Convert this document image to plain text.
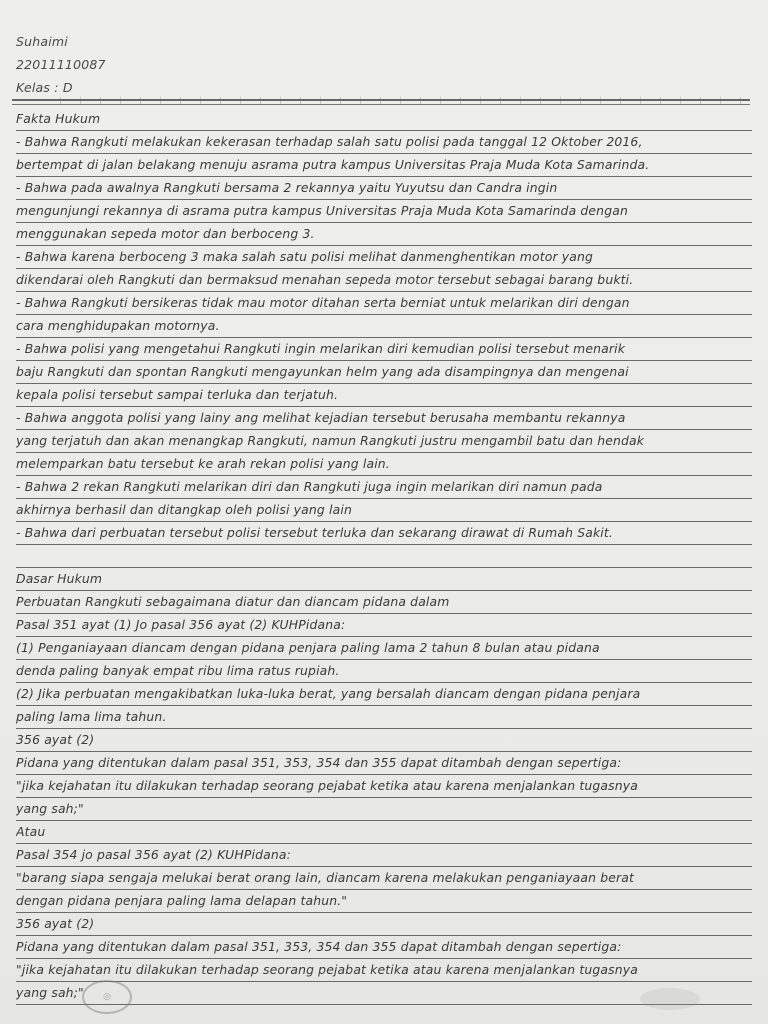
Suhaimi
22011110087
Kelas : D
Fakta Hukum
- Bahwa Rangkuti melakukan kekerasan terhadap salah satu polisi pada tanggal 12 Oktober 2016,
bertempat di jalan belakang menuju asrama putra kampus Universitas Praja Muda Kota Samarinda.
- Bahwa pada awalnya Rangkuti bersama 2 rekannya yaitu Yuyutsu dan Candra ingin
mengunjungi rekannya di asrama putra kampus Universitas Praja Muda Kota Samarinda dengan
menggunakan sepeda motor dan berboceng 3.
- Bahwa karena berboceng 3 maka salah satu polisi melihat danmenghentikan motor yang
dikendarai oleh Rangkuti dan bermaksud menahan sepeda motor tersebut sebagai barang bukti.
- Bahwa Rangkuti bersikeras tidak mau motor ditahan serta berniat untuk melarikan diri dengan
cara menghidupakan motornya.
- Bahwa polisi yang mengetahui Rangkuti ingin melarikan diri kemudian polisi tersebut menarik
baju Rangkuti dan spontan Rangkuti mengayunkan helm yang ada disampingnya dan mengenai
kepala polisi tersebut sampai terluka dan terjatuh.
- Bahwa anggota polisi yang lainy ang melihat kejadian tersebut berusaha membantu rekannya
yang terjatuh dan akan menangkap Rangkuti, namun Rangkuti justru mengambil batu dan hendak
melemparkan batu tersebut ke arah rekan polisi yang lain.
- Bahwa 2 rekan Rangkuti melarikan diri dan Rangkuti juga ingin melarikan diri namun pada
akhirnya berhasil dan ditangkap oleh polisi yang lain
- Bahwa dari perbuatan tersebut polisi tersebut terluka dan sekarang dirawat di Rumah Sakit.
Dasar Hukum
Perbuatan Rangkuti sebagaimana diatur dan diancam pidana dalam
Pasal 351 ayat (1) Jo pasal 356 ayat (2) KUHPidana:
(1) Penganiayaan diancam dengan pidana penjara paling lama 2 tahun 8 bulan atau pidana
denda paling banyak empat ribu lima ratus rupiah.
(2) Jika perbuatan mengakibatkan luka-luka berat, yang bersalah diancam dengan pidana penjara
paling lama lima tahun.
356 ayat (2)
Pidana yang ditentukan dalam pasal 351, 353, 354 dan 355 dapat ditambah dengan sepertiga:
"jika kejahatan itu dilakukan terhadap seorang pejabat ketika atau karena menjalankan tugasnya
yang sah;"
Atau
Pasal 354 jo pasal 356 ayat (2) KUHPidana:
"barang siapa sengaja melukai berat orang lain, diancam karena melakukan penganiayaan berat
dengan pidana penjara paling lama delapan tahun."
356 ayat (2)
Pidana yang ditentukan dalam pasal 351, 353, 354 dan 355 dapat ditambah dengan sepertiga:
"jika kejahatan itu dilakukan terhadap seorang pejabat ketika atau karena menjalankan tugasnya
yang sah;"	◎
